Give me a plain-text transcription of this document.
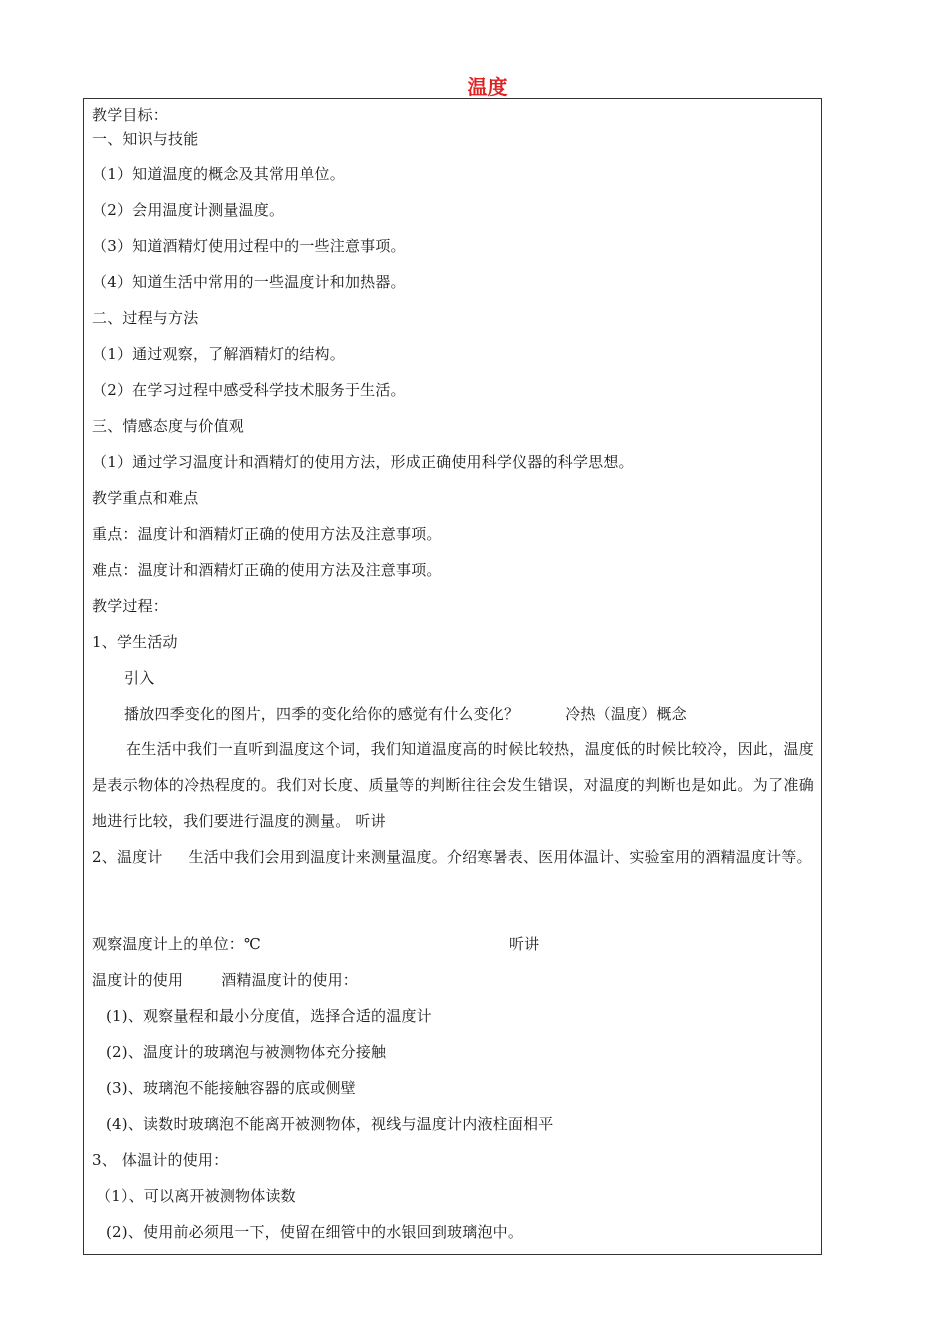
温度
教学目标：
一、知识与技能
（1）知道温度的概念及其常用单位。
（2）会用温度计测量温度。
（3）知道酒精灯使用过程中的一些注意事项。
（4）知道生活中常用的一些温度计和加热器。
二、过程与方法
（1）通过观察，了解酒精灯的结构。
（2）在学习过程中感受科学技术服务于生活。
三、情感态度与价值观
（1）通过学习温度计和酒精灯的使用方法，形成正确使用科学仪器的科学思想。
教学重点和难点
重点：温度计和酒精灯正确的使用方法及注意事项。
难点：温度计和酒精灯正确的使用方法及注意事项。
教学过程：
1、学生活动
引入
播放四季变化的图片，四季的变化给你的感觉有什么变化？	冷热（温度）概念
在生活中我们一直听到温度这个词，我们知道温度高的时候比较热，温度低的时候比较冷，因此，温度是表示物体的冷热程度的。我们对长度、质量等的判断往往会发生错误，对温度的判断也是如此。为了准确地进行比较，我们要进行温度的测量。 听讲
2、温度计 生活中我们会用到温度计来测量温度。介绍寒暑表、医用体温计、实验室用的酒精温度计等。
观察温度计上的单位：℃	听讲
温度计的使用	酒精温度计的使用：
(1)、观察量程和最小分度值，选择合适的温度计
(2)、温度计的玻璃泡与被测物体充分接触
(3)、玻璃泡不能接触容器的底或侧壁
(4)、读数时玻璃泡不能离开被测物体，视线与温度计内液柱面相平
3、 体温计的使用：
（1）、可以离开被测物体读数
(2)、使用前必须甩一下，使留在细管中的水银回到玻璃泡中。
